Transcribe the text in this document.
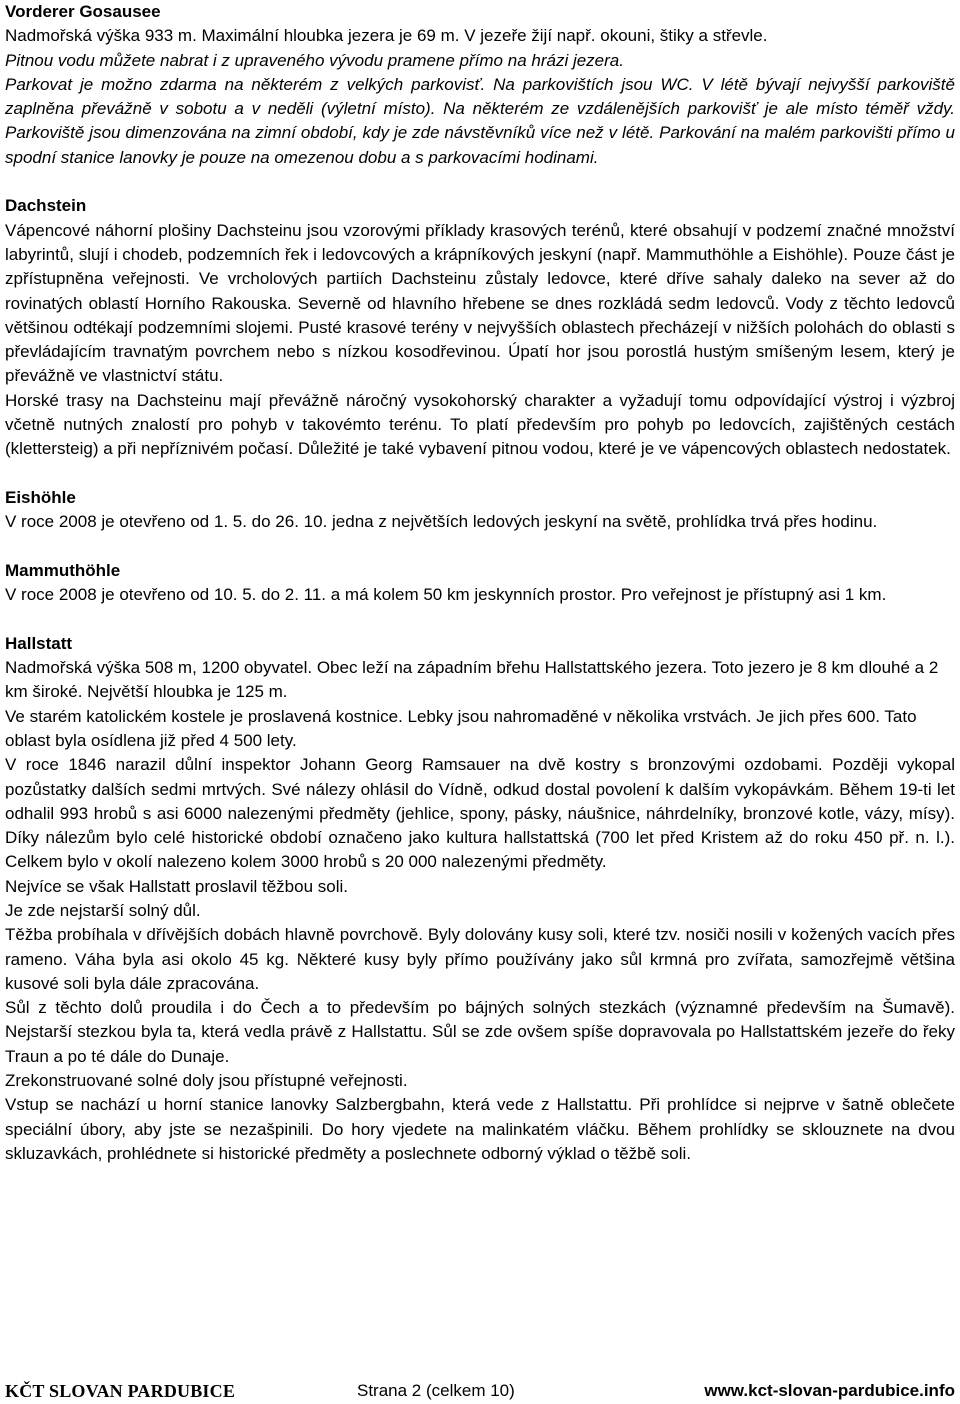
Vorderer Gosausee

Nadmořská výška 933 m. Maximální hloubka jezera je 69 m. V jezeře žijí např. okouni, štiky a střevle.

Pitnou vodu můžete nabrat i z upraveného vývodu pramene přímo na hrázi jezera.

Parkovat je možno zdarma na některém z velkých parkovisť. Na parkovištích jsou WC. V létě bývají nejvyšší parkoviště zaplněna převážně v sobotu a v neděli (výletní místo). Na některém ze vzdálenějších parkovišť je ale místo téměř vždy. Parkoviště jsou dimenzována na zimní období, kdy je zde návstěvníků více než v létě. Parkování na malém parkovišti přímo u spodní stanice lanovky je pouze na omezenou dobu a s parkovacími hodinami.

Dachstein

Vápencové náhorní plošiny Dachsteinu jsou vzorovými příklady krasových terénů, které obsahují v podzemí značné množství labyrintů, slují i chodeb, podzemních řek i ledovcových a krápníkových jeskyní (např. Mammuthöhle a Eishöhle). Pouze část je zpřístupněna veřejnosti. Ve vrcholových partiích Dachsteinu zůstaly ledovce, které dříve sahaly daleko na sever až do rovinatých oblastí Horního Rakouska. Severně od hlavního hřebene se dnes rozkládá sedm ledovců. Vody z těchto ledovců většinou odtékají podzemními slojemi. Pusté krasové terény v nejvyšších oblastech přecházejí v nižších polohách do oblasti s převládajícím travnatým povrchem nebo s nízkou kosodřevinou. Úpatí hor jsou porostlá hustým smíšeným lesem, který je převážně ve vlastnictví státu.

Horské trasy na Dachsteinu mají převážně náročný vysokohorský charakter a vyžadují tomu odpovídající výstroj i výzbroj včetně nutných znalostí pro pohyb v takovémto terénu. To platí především pro pohyb po ledovcích, zajištěných cestách (klettersteig) a při nepříznivém počasí. Důležité je také vybavení pitnou vodou, které je ve vápencových oblastech nedostatek.

Eishöhle

V roce 2008 je otevřeno od 1. 5. do 26. 10. jedna z největších ledových jeskyní na světě, prohlídka trvá přes hodinu.

Mammuthöhle

V roce 2008 je otevřeno od 10. 5. do 2. 11. a má kolem 50 km jeskynních prostor. Pro veřejnost je přístupný asi 1 km.

Hallstatt

Nadmořská výška 508 m, 1200 obyvatel. Obec leží na západním břehu Hallstattského jezera. Toto jezero je 8 km dlouhé a 2 km široké. Největší hloubka je 125 m.

Ve starém katolickém kostele je proslavená kostnice. Lebky jsou nahromaděné v několika vrstvách. Je jich přes 600. Tato oblast byla osídlena již před 4 500 lety.

V roce 1846 narazil důlní inspektor Johann Georg Ramsauer na dvě kostry s bronzovými ozdobami. Později vykopal pozůstatky dalších sedmi mrtvých. Své nálezy ohlásil do Vídně, odkud dostal povolení k dalším vykopávkám. Během 19-ti let odhalil 993 hrobů s asi 6000 nalezenými předměty (jehlice, spony, pásky, náušnice, náhrdelníky, bronzové kotle, vázy, mísy). Díky nálezům bylo celé historické období označeno jako kultura hallstattská (700 let před Kristem až do roku 450 př. n. l.). Celkem bylo v okolí nalezeno kolem 3000 hrobů s 20 000 nalezenými předměty.

Nejvíce se však Hallstatt proslavil těžbou soli.

Je zde nejstarší solný důl.

Těžba probíhala v dřívějších dobách hlavně povrchově. Byly dolovány kusy soli, které tzv. nosiči nosili v kožených vacích přes rameno. Váha byla asi okolo 45 kg. Některé kusy byly přímo používány jako sůl krmná pro zvířata, samozřejmě většina kusové soli byla dále zpracována.

Sůl z těchto dolů proudila i do Čech a to především po bájných solných stezkách (významné především na Šumavě). Nejstarší stezkou byla ta, která vedla právě z Hallstattu. Sůl se zde ovšem spíše dopravovala po Hallstattském jezeře do řeky Traun a po té dále do Dunaje.

Zrekonstruované solné doly jsou přístupné veřejnosti.

Vstup se nachází u horní stanice lanovky Salzbergbahn, která vede z Hallstattu. Při prohlídce si nejprve v šatně oblečete speciální úbory, aby jste se nezašpinili. Do hory vjedete na malinkatém vláčku. Během prohlídky se sklouznete na dvou skluzavkách, prohlédnete si historické předměty a poslechnete odborný výklad o těžbě soli.

KČT SLOVAN PARDUBICE	Strana 2 (celkem 10)	www.kct-slovan-pardubice.info
